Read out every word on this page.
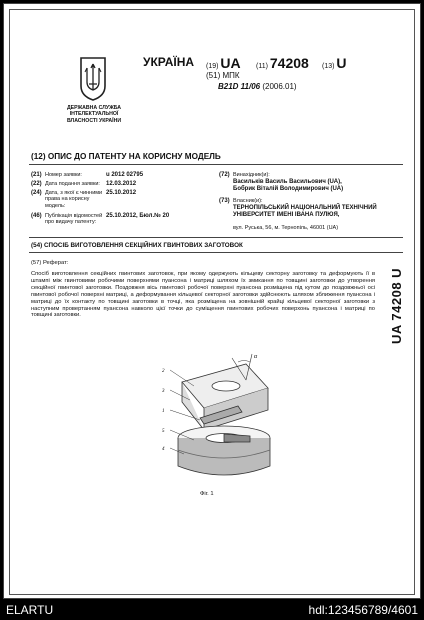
ДЕРЖАВНА СЛУЖБА ІНТЕЛЕКТУАЛЬНОЇ ВЛАСНОСТІ УКРАЇНИ
УКРАЇНА (19) UA (11) 74208 (13) U
(51) МПК
B21D 11/06 (2006.01)
(12) ОПИС ДО ПАТЕНТУ НА КОРИСНУ МОДЕЛЬ
(21) Номер заявки:	u 2012 02795
(22) Дата подання заявки:	12.03.2012
(24) Дата, з якої є чинними права на корисну модель:
25.10.2012
(46) Публікація відомостей про видачу патенту:
25.10.2012, Бюл.№ 20
(72) Винахідник(и):
Васильків Василь Васильович (UA),
Бобрик Віталій Володимирович (UA)
(73) Власник(и):
ТЕРНОПІЛЬСЬКИЙ НАЦІОНАЛЬНИЙ ТЕХНІЧНИЙ УНІВЕРСИТЕТ ІМЕНІ ІВАНА ПУЛЮЯ,
вул. Руська, 56, м. Тернопіль, 46001 (UA)
(54) СПОСІБ ВИГОТОВЛЕННЯ СЕКЦІЙНИХ ГВИНТОВИХ ЗАГОТОВОК
(57) Реферат:
Спосіб виготовлення секційних гвинтових заготовок, при якому одержують кільцеву секторну заготовку та деформують її в штампі між гвинтовими робочими поверхнями пуансона і матриці шляхом їх змикання по товщині заготовки до утворення секційної гвинтової заготовки. Поздовжня вісь гвинтової робочої поверхні пуансона розміщена під кутом до поздовжньої осі гвинтової робочої поверхні матриці, а деформування кільцевої секторної заготовки здійснюють шляхом зближення пуансона і матриці до їх контакту по товщині заготовки в точці, яка розміщена на зовнішній крайці кільцевої секторної заготовки з наступним провертанням пуансона навколо цієї точки до суміщення гвинтових робочих поверхонь пуансона і матриці по товщині заготовки.	UA 74208 U
α
2
3
1
5
4
Фіг. 1
ELARTU	hdl:123456789/4601
